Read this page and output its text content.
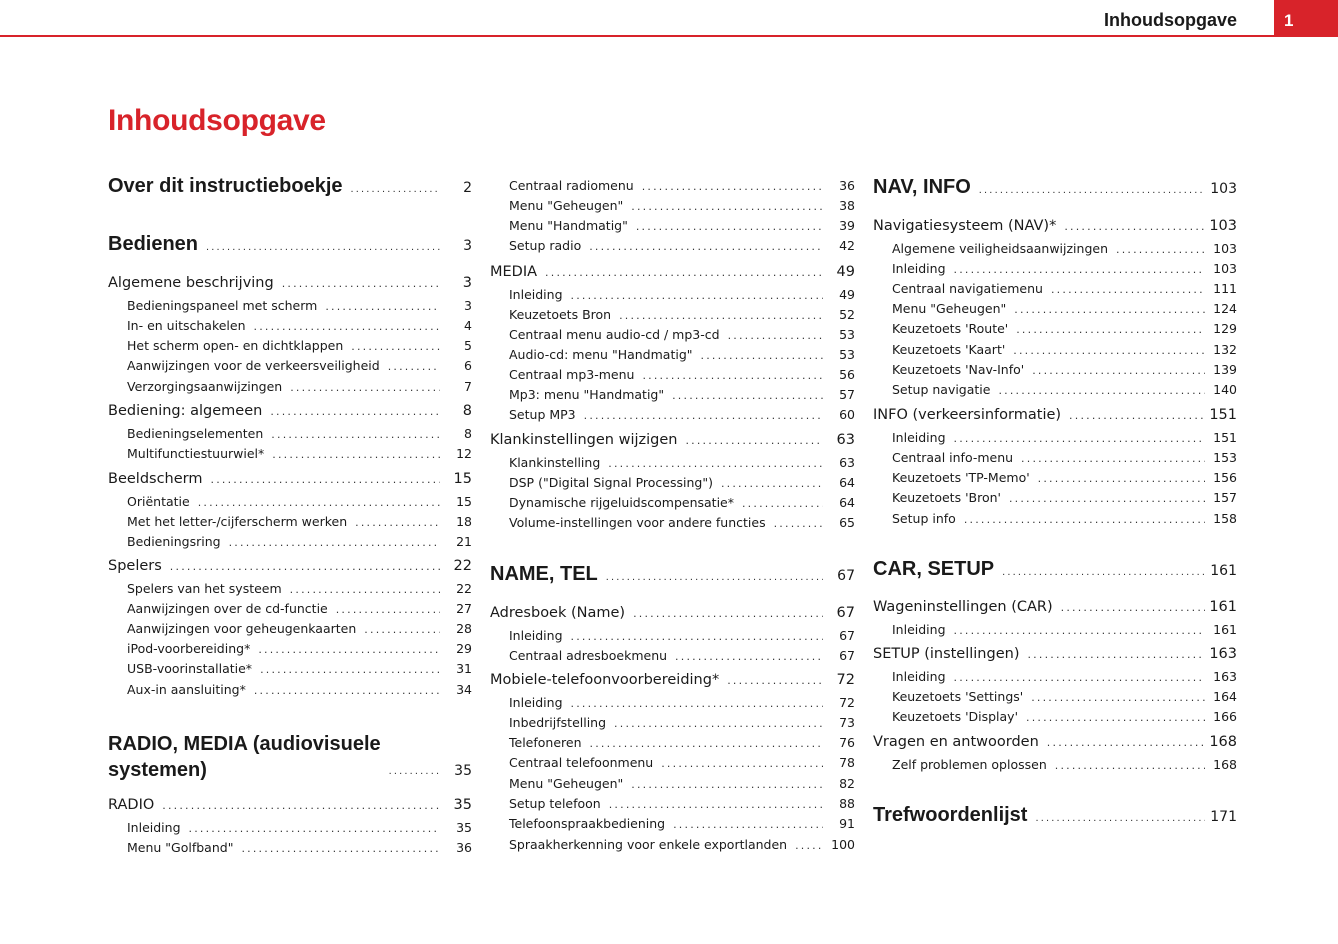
Inhoudsopgave	1
Inhoudsopgave
Over dit instructieboekje .....	2
Bedienen .....	3
Algemene beschrijving .....	3
Bedieningspaneel met scherm .....	3
In- en uitschakelen .....	4
Het scherm open- en dichtklappen .....	5
Aanwijzingen voor de verkeersveiligheid .....	6
Verzorgingsaanwijzingen .....	7
Bediening: algemeen .....	8
Bedieningselementen .....	8
Multifunctiestuurwiel* .....	12
Beeldscherm .....	15
Oriëntatie .....	15
Met het letter-/cijferscherm werken .....	18
Bedieningsring .....	21
Spelers .....	22
Spelers van het systeem .....	22
Aanwijzingen over de cd-functie .....	27
Aanwijzingen voor geheugenkaarten .....	28
iPod-voorbereiding* .....	29
USB-voorinstallatie* .....	31
Aux-in aansluiting* .....	34
RADIO, MEDIA (audiovisuele
systemen) .....	35
RADIO .....	35
Inleiding .....	35
Menu "Golfband" .....	36
Centraal radiomenu .....	36
Menu "Geheugen" .....	38
Menu "Handmatig" .....	39
Setup radio .....	42
MEDIA .....	49
Inleiding .....	49
Keuzetoets Bron .....	52
Centraal menu audio-cd / mp3-cd .....	53
Audio-cd: menu "Handmatig" .....	53
Centraal mp3-menu .....	56
Mp3: menu "Handmatig" .....	57
Setup MP3 .....	60
Klankinstellingen wijzigen .....	63
Klankinstelling .....	63
DSP ("Digital Signal Processing") .....	64
Dynamische rijgeluidscompensatie* .....	64
Volume-instellingen voor andere functies .....	65
NAME, TEL .....	67
Adresboek (Name) .....	67
Inleiding .....	67
Centraal adresboekmenu .....	67
Mobiele-telefoonvoorbereiding* .....	72
Inleiding .....	72
Inbedrijfstelling .....	73
Telefoneren .....	76
Centraal telefoonmenu .....	78
Menu "Geheugen" .....	82
Setup telefoon .....	88
Telefoonspraakbediening .....	91
Spraakherkenning voor enkele exportlanden .....	100
NAV, INFO .....	103
Navigatiesysteem (NAV)* .....	103
Algemene veiligheidsaanwijzingen .....	103
Inleiding .....	103
Centraal navigatiemenu .....	111
Menu "Geheugen" .....	124
Keuzetoets 'Route' .....	129
Keuzetoets 'Kaart' .....	132
Keuzetoets 'Nav-Info' .....	139
Setup navigatie .....	140
INFO (verkeersinformatie) .....	151
Inleiding .....	151
Centraal info-menu .....	153
Keuzetoets 'TP-Memo' .....	156
Keuzetoets 'Bron' .....	157
Setup info .....	158
CAR, SETUP .....	161
Wageninstellingen (CAR) .....	161
Inleiding .....	161
SETUP (instellingen) .....	163
Inleiding .....	163
Keuzetoets 'Settings' .....	164
Keuzetoets 'Display' .....	166
Vragen en antwoorden .....	168
Zelf problemen oplossen .....	168
Trefwoordenlijst .....	171
